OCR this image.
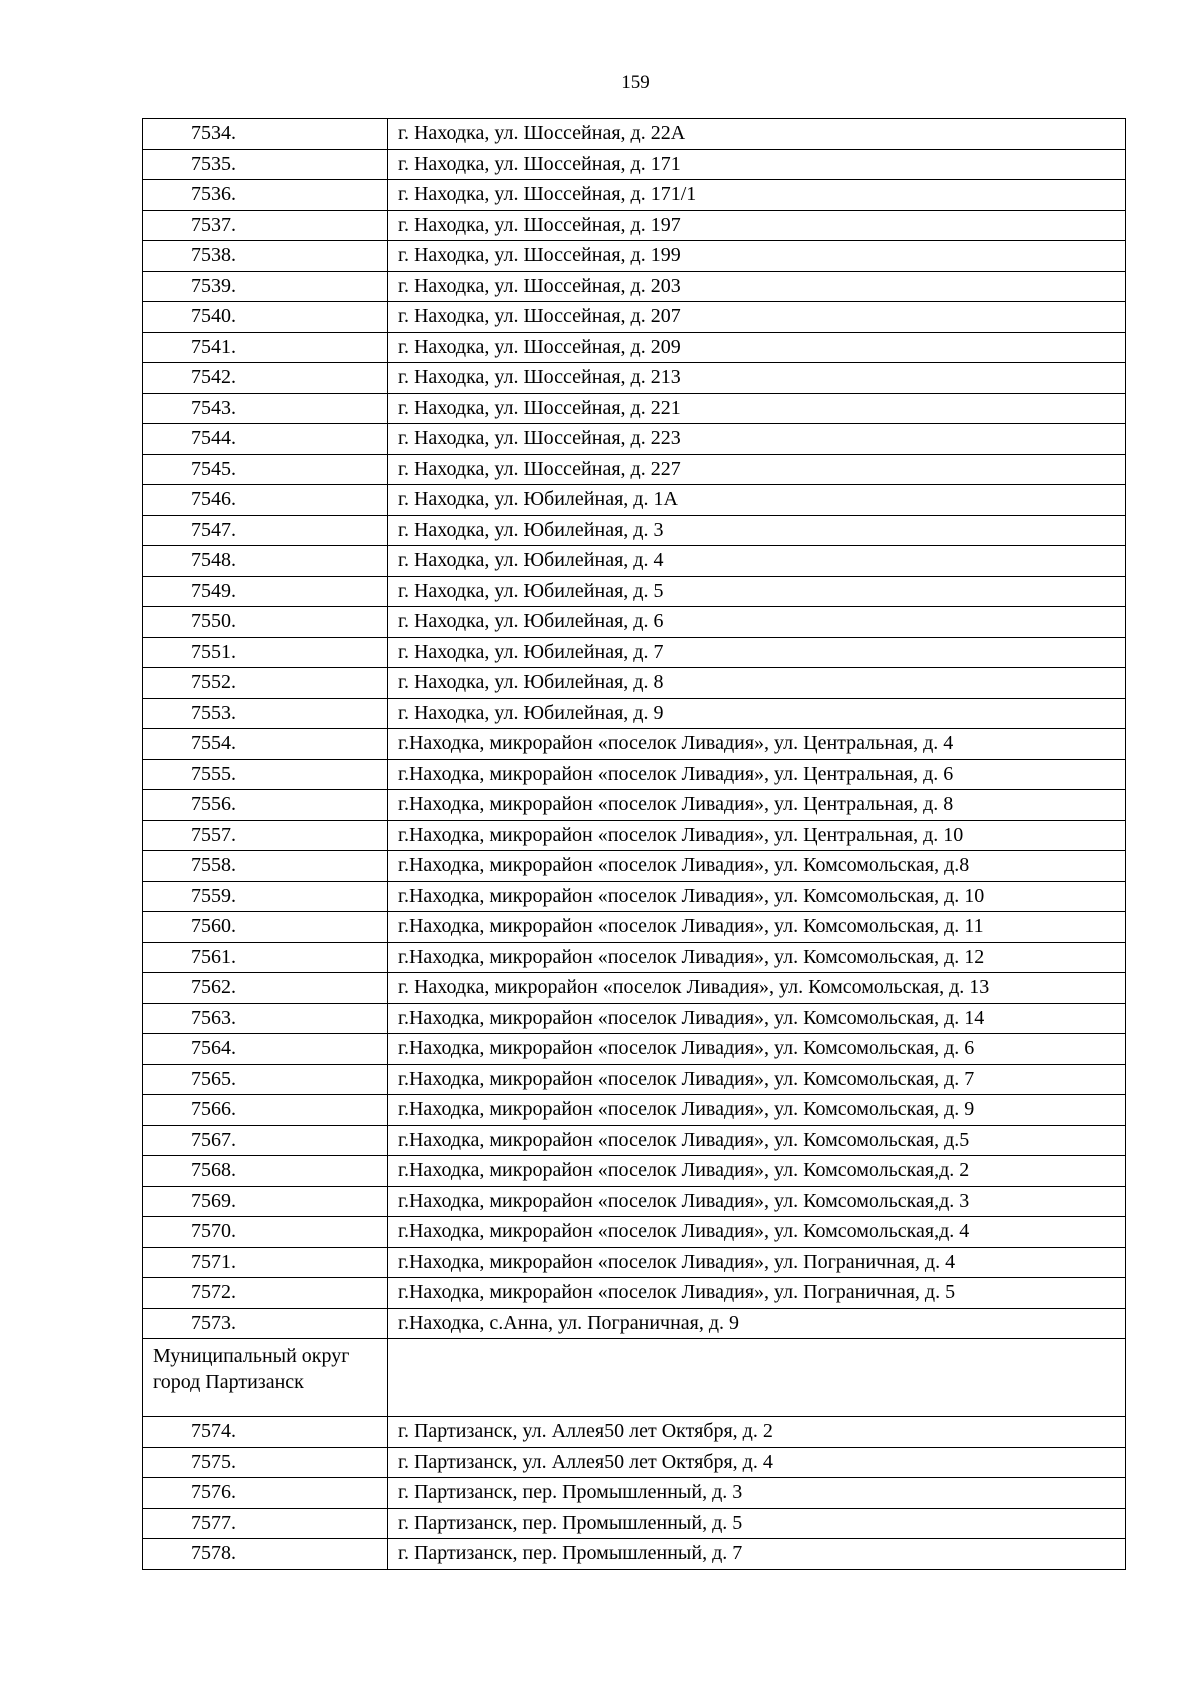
159
7534.	г. Находка, ул. Шоссейная, д. 22А
7535.	г. Находка, ул. Шоссейная, д. 171
7536.	г. Находка, ул. Шоссейная, д. 171/1
7537.	г. Находка, ул. Шоссейная, д. 197
7538.	г. Находка, ул. Шоссейная, д. 199
7539.	г. Находка, ул. Шоссейная, д. 203
7540.	г. Находка, ул. Шоссейная, д. 207
7541.	г. Находка, ул. Шоссейная, д. 209
7542.	г. Находка, ул. Шоссейная, д. 213
7543.	г. Находка, ул. Шоссейная, д. 221
7544.	г. Находка, ул. Шоссейная, д. 223
7545.	г. Находка, ул. Шоссейная, д. 227
7546.	г. Находка, ул. Юбилейная, д. 1А
7547.	г. Находка, ул. Юбилейная, д. 3
7548.	г. Находка, ул. Юбилейная, д. 4
7549.	г. Находка, ул. Юбилейная, д. 5
7550.	г. Находка, ул. Юбилейная, д. 6
7551.	г. Находка, ул. Юбилейная, д. 7
7552.	г. Находка, ул. Юбилейная, д. 8
7553.	г. Находка, ул. Юбилейная, д. 9
7554.	г.Находка, микрорайон «поселок Ливадия», ул. Центральная, д. 4
7555.	г.Находка, микрорайон «поселок Ливадия», ул. Центральная, д. 6
7556.	г.Находка, микрорайон «поселок Ливадия», ул. Центральная, д. 8
7557.	г.Находка, микрорайон «поселок Ливадия», ул. Центральная, д. 10
7558.	г.Находка, микрорайон «поселок Ливадия», ул. Комсомольская, д.8
7559.	г.Находка, микрорайон «поселок Ливадия», ул. Комсомольская, д. 10
7560.	г.Находка, микрорайон «поселок Ливадия», ул. Комсомольская, д. 11
7561.	г.Находка, микрорайон «поселок Ливадия», ул. Комсомольская, д. 12
7562.	г. Находка, микрорайон «поселок Ливадия», ул. Комсомольская, д. 13
7563.	г.Находка, микрорайон «поселок Ливадия», ул. Комсомольская, д. 14
7564.	г.Находка, микрорайон «поселок Ливадия», ул. Комсомольская, д. 6
7565.	г.Находка, микрорайон «поселок Ливадия», ул. Комсомольская, д. 7
7566.	г.Находка, микрорайон «поселок Ливадия», ул. Комсомольская, д. 9
7567.	г.Находка, микрорайон «поселок Ливадия», ул. Комсомольская, д.5
7568.	г.Находка, микрорайон «поселок Ливадия», ул. Комсомольская,д. 2
7569.	г.Находка, микрорайон «поселок Ливадия», ул. Комсомольская,д. 3
7570.	г.Находка, микрорайон «поселок Ливадия», ул. Комсомольская,д. 4
7571.	г.Находка, микрорайон «поселок Ливадия», ул. Пограничная, д. 4
7572.	г.Находка, микрорайон «поселок Ливадия», ул. Пограничная, д. 5
7573.	г.Находка, с.Анна, ул. Пограничная, д. 9
Муниципальный округ город Партизанск	
7574.	г. Партизанск, ул. Аллея50 лет Октября, д. 2
7575.	г. Партизанск, ул. Аллея50 лет Октября, д. 4
7576.	г. Партизанск, пер. Промышленный, д. 3
7577.	г. Партизанск, пер. Промышленный, д. 5
7578.	г. Партизанск, пер. Промышленный, д. 7
